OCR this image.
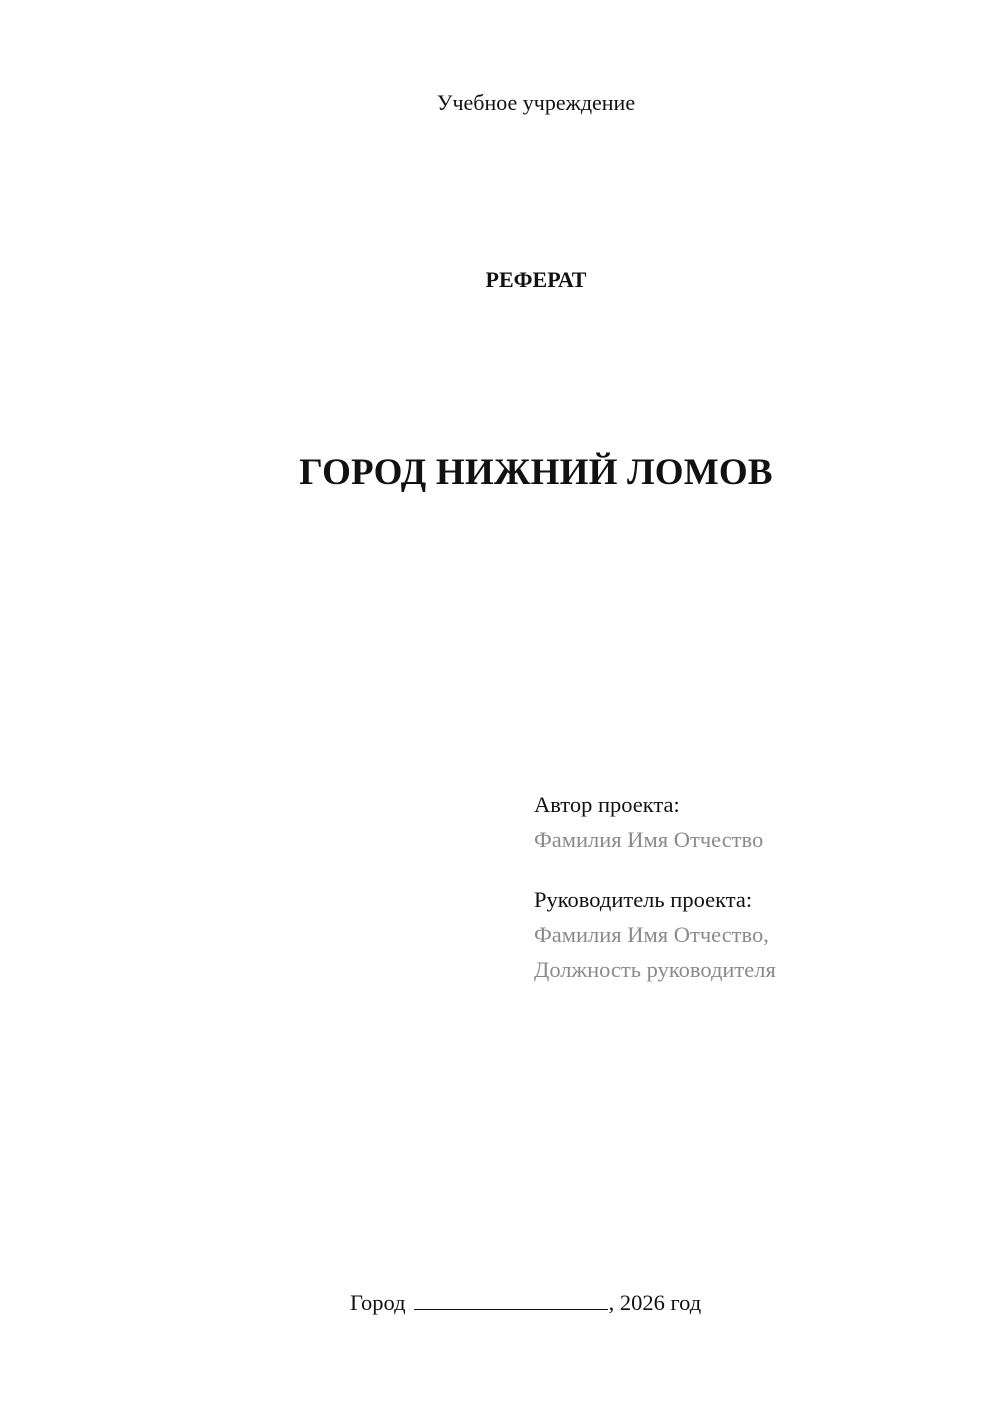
Учебное учреждение
РЕФЕРАТ
ГОРОД НИЖНИЙ ЛОМОВ
Автор проекта:
Фамилия Имя Отчество
Руководитель проекта:
Фамилия Имя Отчество,
Должность руководителя
Город	, 2026 год
